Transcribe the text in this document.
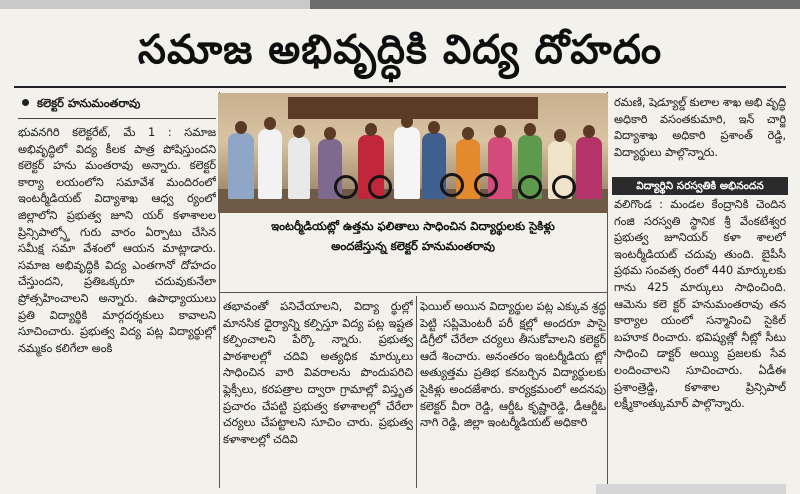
సమాజ అభివృద్ధికి విద్య దోహదం
కలెక్టర్ హనుమంతరావు
ఇంటర్మీడియట్లో ఉత్తమ ఫలితాలు సాధించిన విద్యార్థులకు సైకిళ్లు
అందజేస్తున్న కలెక్టర్ హనుమంతరావు
భువనగిరి కలెక్టరేట్, మే 1 : సమాజ అభివృద్ధిలో విద్య కీలక పాత్ర పోషిస్తుందని కలెక్టర్ హను మంతరావు అన్నారు. కలెక్టర్ కార్యా లయంలోని సమావేశ మందిరంలో ఇంటర్మీడియట్ విద్యాశాఖ ఆధ్వ ర్యంలో జిల్లాలోని ప్రభుత్వ జూని యర్ కళాశాలల ప్రిన్సిపాల్స్తో గురు వారం ఏర్పాటు చేసిన సమీక్ష సమా వేశంలో ఆయన మాట్లాడారు. సమాజ అభివృద్ధికి విద్య ఎంతగానో దోహదం చేస్తుందని, ప్రతిఒక్కరూ చదువుకునేలా ప్రోత్సహించాలని అన్నారు. ఉపాధ్యాయులు ప్రతి విద్యార్థికి మార్గదర్శకులు కావాలని సూచించారు. ప్రభుత్వ విద్య పట్ల విద్యార్థుల్లో నమ్మకం కలిగేలా అంకి
తభావంతో పనిచేయాలని, విద్యా ర్థుల్లో మానసిక ధైర్యాన్ని కల్పిస్తూ విద్య పట్ల ఇష్టత కల్పించాలని పేర్కొ న్నారు. ప్రభుత్వ పాఠశాలల్లో చదివి అత్యధిక మార్కులు సాధించిన వారి వివరాలను పొందుపరిచి ఫ్లెక్సీలు, కరపత్రాల ద్వారా గ్రామాల్లో విస్తృత ప్రచారం చేపట్టి ప్రభుత్వ కళాశాలల్లో చేరేలా చర్యలు చేపట్టాలని సూచిం చారు. ప్రభుత్వ కళాశాలల్లో చదివి
ఫెయిల్ అయిన విద్యార్థుల పట్ల ఎక్కువ శ్రద్ధ పెట్టి సప్లిమెంటరీ పరీ క్షల్లో అందరూ పాసై డిగ్రీలో చేరేలా చర్యలు తీసుకోవాలని కలెక్టర్ ఆదే శించారు. అనంతరం ఇంటర్మీడియ ట్లో అత్యుత్తమ ప్రతిభ కనబర్చిన విద్యార్థులకు సైకిళ్లు అందజేశారు. కార్యక్రమంలో అదనపు కలెక్టర్ వీరా రెడ్డి, ఆర్డీఓ కృష్ణారెడ్డి, డీఆర్డీఓ నాగి రెడ్డి, జిల్లా ఇంటర్మీడియట్ అధికారి
రమణి, షెడ్యూల్డ్ కులాల శాఖ అభి వృద్ధి అధికారి వసంతకుమారి, ఇన్ చార్జి విద్యాశాఖ అధికారి ప్రశాంత్ రెడ్డి, విద్యార్థులు పాల్గొన్నారు.
విద్యార్థిని సరస్వతికి అభినందన
వలిగొండ : మండల కేంద్రానికి చెందిన గంజి సరస్వతి స్థానిక శ్రీ వేంకటేశ్వర ప్రభుత్వ జూనియర్ కళా శాలలో ఇంటర్మీడియట్ చదువు తుంది. బైపీసీ ప్రథమ సంవత్స రంలో 440 మార్కులకు గాను 425 మార్కులు సాధించింది. ఆమెను కలె క్టర్ హనుమంతరావు తన కార్యాల యంలో సన్మానించి సైకిల్ బహూక రించారు. భవిష్యత్లో నీట్లో సీటు సాధించి డాక్టర్ అయ్యి ప్రజలకు సేవ లందించాలని సూచించారు. ఏడీఈ ప్రశాంత్రెడ్డి, కళాశాల ప్రిన్సిపాల్ లక్ష్మీకాంత్కుమార్ పాల్గొన్నారు.
